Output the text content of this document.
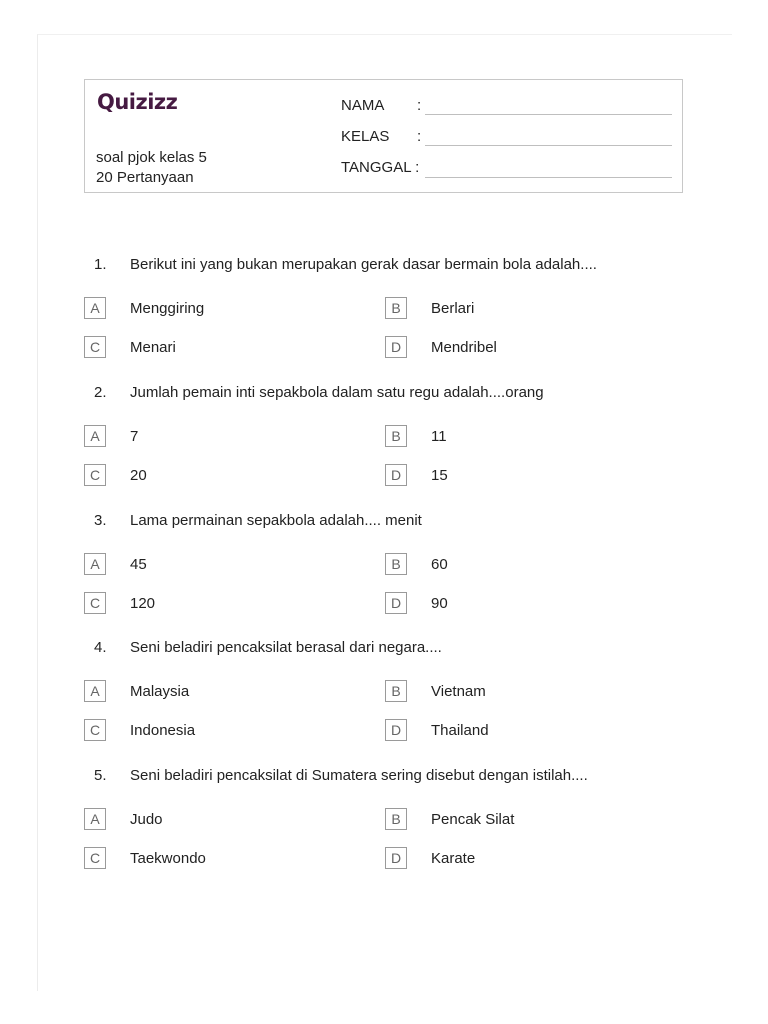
Quizizz
soal pjok kelas 5
20 Pertanyaan
NAMA :
KELAS :
TANGGAL :
1. Berikut ini yang bukan merupakan gerak dasar bermain bola adalah....
A	Menggiring	B	Berlari
C	Menari	D	Mendribel
2. Jumlah pemain inti sepakbola dalam satu regu adalah....orang
A	7	B	11
C	20	D	15
3. Lama permainan sepakbola adalah.... menit
A	45	B	60
C	120	D	90
4. Seni beladiri pencaksilat berasal dari negara....
A	Malaysia	B	Vietnam
C	Indonesia	D	Thailand
5. Seni beladiri pencaksilat di Sumatera sering disebut dengan istilah....
A	Judo	B	Pencak Silat
C	Taekwondo	D	Karate
